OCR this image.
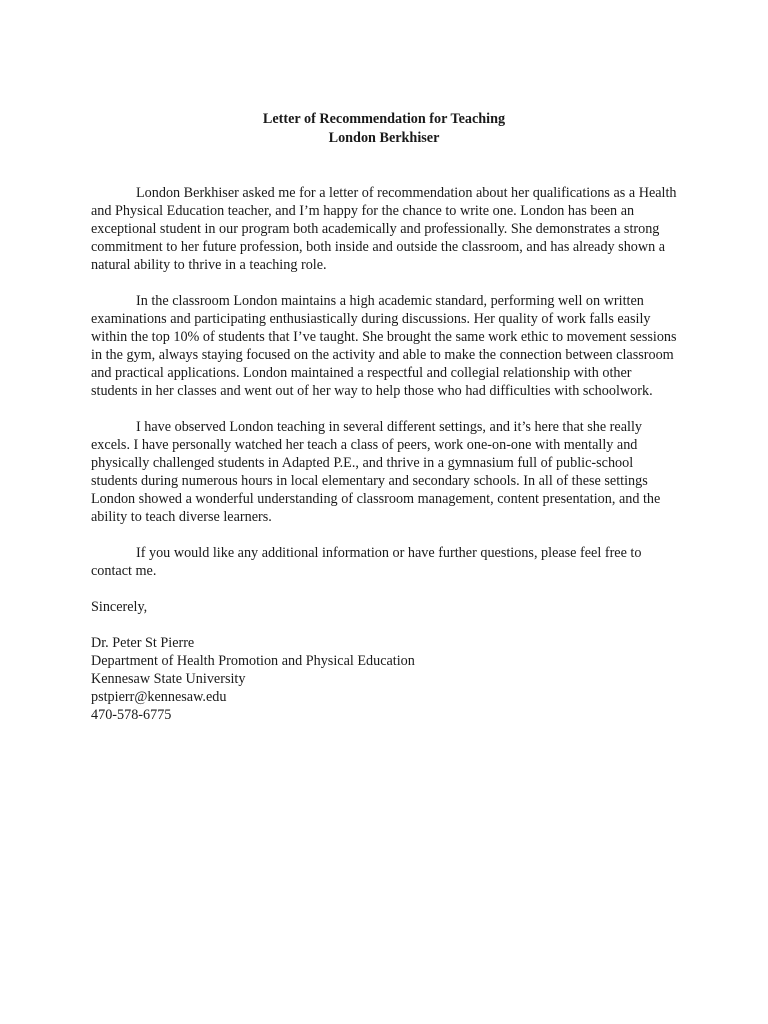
Letter of Recommendation for Teaching
London Berkhiser

London Berkhiser asked me for a letter of recommendation about her qualifications as a Health and Physical Education teacher, and I’m happy for the chance to write one. London has been an exceptional student in our program both academically and professionally. She demonstrates a strong commitment to her future profession, both inside and outside the classroom, and has already shown a natural ability to thrive in a teaching role.

In the classroom London maintains a high academic standard, performing well on written examinations and participating enthusiastically during discussions. Her quality of work falls easily within the top 10% of students that I’ve taught. She brought the same work ethic to movement sessions in the gym, always staying focused on the activity and able to make the connection between classroom and practical applications. London maintained a respectful and collegial relationship with other students in her classes and went out of her way to help those who had difficulties with schoolwork.

I have observed London teaching in several different settings, and it’s here that she really excels. I have personally watched her teach a class of peers, work one-on-one with mentally and physically challenged students in Adapted P.E., and thrive in a gymnasium full of public-school students during numerous hours in local elementary and secondary schools. In all of these settings London showed a wonderful understanding of classroom management, content presentation, and the ability to teach diverse learners.

If you would like any additional information or have further questions, please feel free to contact me.

Sincerely,
Dr. Peter St Pierre
Department of Health Promotion and Physical Education
Kennesaw State University
pstpierr@kennesaw.edu
470-578-6775
